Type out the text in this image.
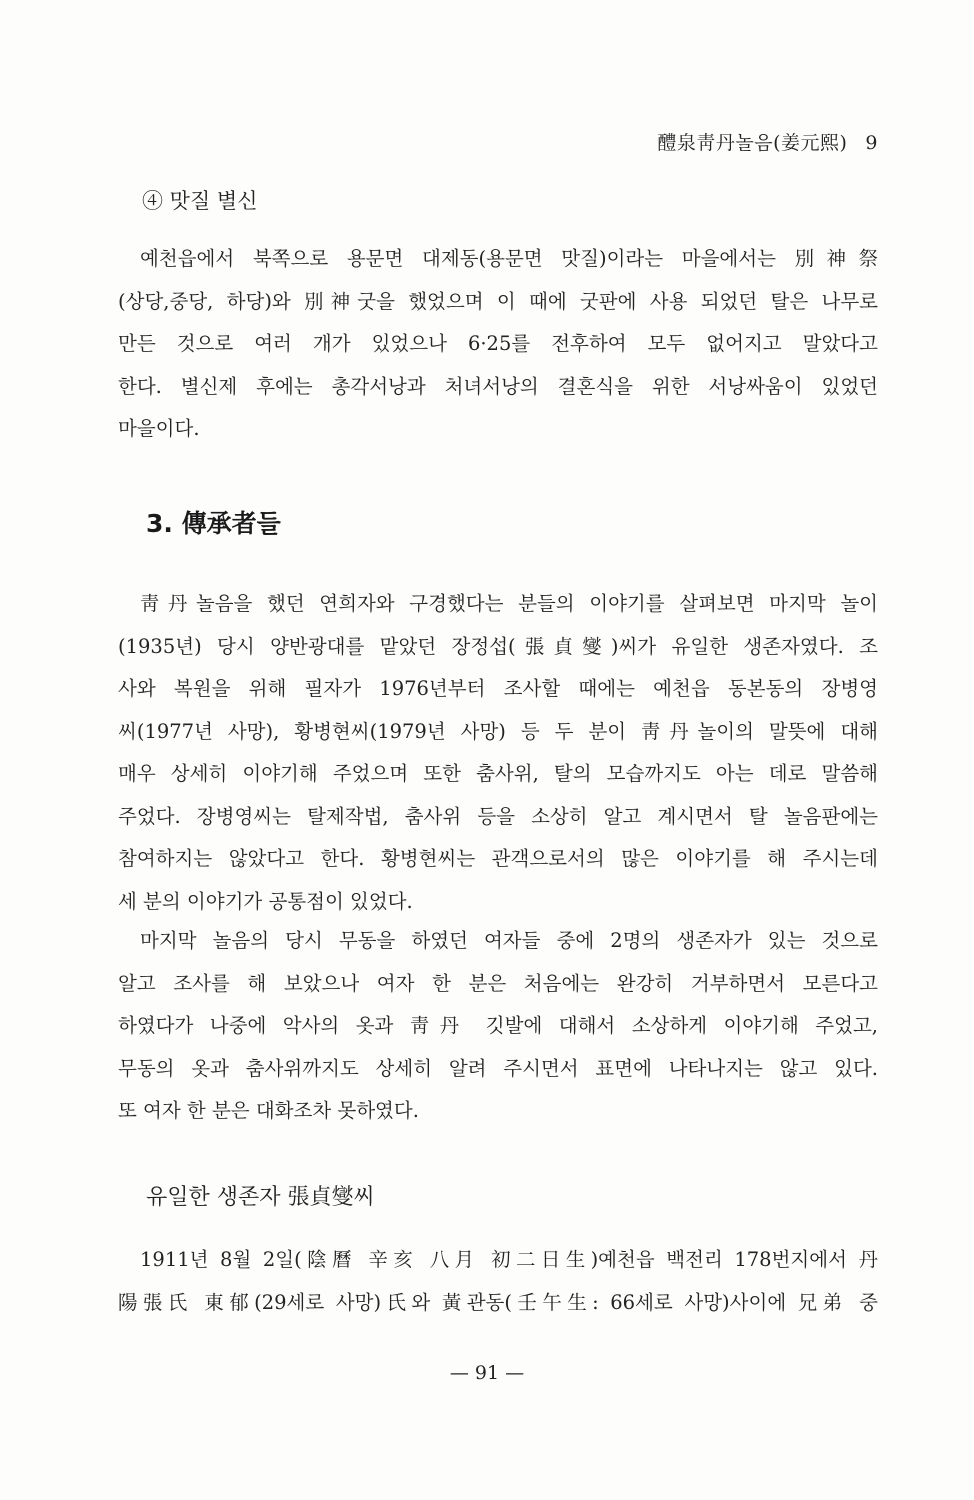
醴泉靑丹놀음(姜元熙) 9
④ 맛질 별신
예천읍에서 북쪽으로 용문면 대제동(용문면 맛질)이라는 마을에서는 別神祭
(상당,중당, 하당)와 別神굿을 했었으며 이 때에 굿판에 사용 되었던 탈은 나무로
만든 것으로 여러 개가 있었으나 6·25를 전후하여 모두 없어지고 말았다고
한다. 별신제 후에는 총각서낭과 처녀서낭의 결혼식을 위한 서낭싸움이 있었던
마을이다.
3. 傳承者들
靑丹놀음을 했던 연희자와 구경했다는 분들의 이야기를 살펴보면 마지막 놀이
(1935년) 당시 양반광대를 맡았던 장정섭(張貞燮)씨가 유일한 생존자였다. 조
사와 복원을 위해 필자가 1976년부터 조사할 때에는 예천읍 동본동의 장병영
씨(1977년 사망), 황병현씨(1979년 사망) 등 두 분이 靑丹놀이의 말뜻에 대해
매우 상세히 이야기해 주었으며 또한 춤사위, 탈의 모습까지도 아는 데로 말씀해
주었다. 장병영씨는 탈제작법, 춤사위 등을 소상히 알고 계시면서 탈 놀음판에는
참여하지는 않았다고 한다. 황병현씨는 관객으로서의 많은 이야기를 해 주시는데
세 분의 이야기가 공통점이 있었다.
마지막 놀음의 당시 무동을 하였던 여자들 중에 2명의 생존자가 있는 것으로
알고 조사를 해 보았으나 여자 한 분은 처음에는 완강히 거부하면서 모른다고
하였다가 나중에 악사의 옷과 靑丹 깃발에 대해서 소상하게 이야기해 주었고,
무동의 옷과 춤사위까지도 상세히 알려 주시면서 표면에 나타나지는 않고 있다.
또 여자 한 분은 대화조차 못하였다.
유일한 생존자 張貞燮씨
1911년 8월 2일(陰曆 辛亥 八月 初二日生)예천읍 백전리 178번지에서 丹
陽張氏 東郁(29세로 사망)氏와 黃관동(壬午生: 66세로 사망)사이에 兄弟 중
— 91 —
